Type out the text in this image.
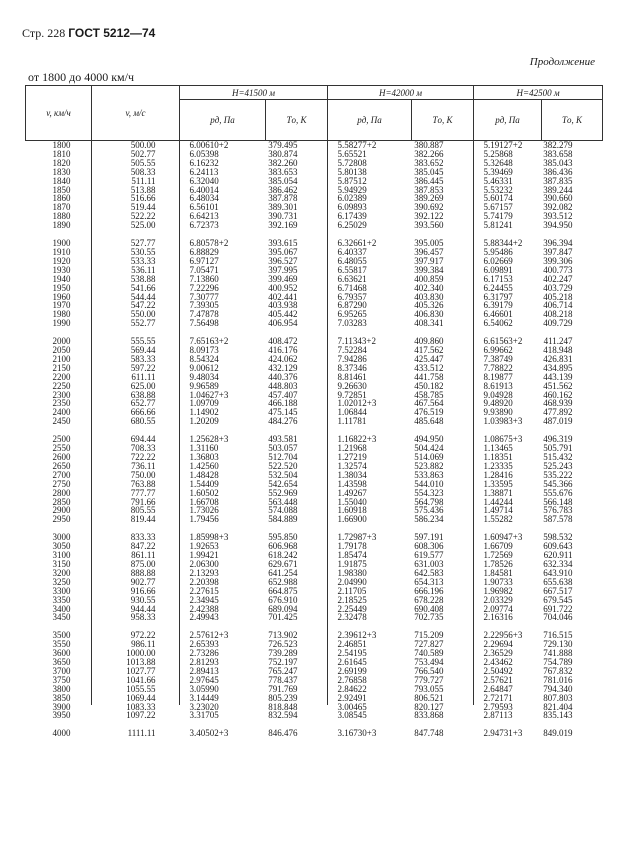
Стр. 228 ГОСТ 5212—74
Продолжение
от 1800 до 4000 км/ч
v, км/ч	v, м/с	H=41500 м		H=42000 м		H=42500 м	
		pд, Па	Tо, К	pд, Па	Tо, К	pд, Па	Tо, К
1800	500.00	6.00610+2	379.495	5.58277+2	380.887	5.19127+2	382.279
1810	502.77	6.05398	380.874	5.65521	382.266	5.25868	383.658
1820	505.55	6.16232	382.260	5.72808	383.652	5.32648	385.043
1830	508.33	6.24113	383.653	5.80138	385.045	5.39469	386.436
1840	511.11	6.32040	385.054	5.87512	386.445	5.46331	387.835
1850	513.88	6.40014	386.462	5.94929	387.853	5.53232	389.244
1860	516.66	6.48034	387.878	6.02389	389.269	5.60174	390.660
1870	519.44	6.56101	389.301	6.09893	390.692	5.67157	392.082
1880	522.22	6.64213	390.731	6.17439	392.122	5.74179	393.512
1890	525.00	6.72373	392.169	6.25029	393.560	5.81241	394.950

1900	527.77	6.80578+2	393.615	6.32661+2	395.005	5.88344+2	396.394
1910	530.55	6.88829	395.067	6.40337	396.457	5.95486	397.847
1920	533.33	6.97127	396.527	6.48055	397.917	6.02669	399.306
1930	536.11	7.05471	397.995	6.55817	399.384	6.09891	400.773
1940	538.88	7.13860	399.469	6.63621	400.859	6.17153	402.247
1950	541.66	7.22296	400.952	6.71468	402.340	6.24455	403.729
1960	544.44	7.30777	402.441	6.79357	403.830	6.31797	405.218
1970	547.22	7.39305	403.938	6.87290	405.326	6.39179	406.714
1980	550.00	7.47878	405.442	6.95265	406.830	6.46601	408.218
1990	552.77	7.56498	406.954	7.03283	408.341	6.54062	409.729

2000	555.55	7.65163+2	408.472	7.11343+2	409.860	6.61563+2	411.247
2050	569.44	8.09173	416.176	7.52284	417.562	6.99662	418.948
2100	583.33	8.54324	424.062	7.94286	425.447	7.38749	426.831
2150	597.22	9.00612	432.129	8.37346	433.512	7.78822	434.895
2200	611.11	9.48034	440.376	8.81461	441.758	8.19877	443.139
2250	625.00	9.96589	448.803	9.26630	450.182	8.61913	451.562
2300	638.88	1.04627+3	457.407	9.72851	458.785	9.04928	460.162
2350	652.77	1.09709	466.188	1.02012+3	467.564	9.48920	468.939
2400	666.66	1.14902	475.145	1.06844	476.519	9.93890	477.892
2450	680.55	1.20209	484.276	1.11781	485.648	1.03983+3	487.019

2500	694.44	1.25628+3	493.581	1.16822+3	494.950	1.08675+3	496.319
2550	708.33	1.31160	503.057	1.21968	504.424	1.13465	505.791
2600	722.22	1.36803	512.704	1.27219	514.069	1.18351	515.432
2650	736.11	1.42560	522.520	1.32574	523.882	1.23335	525.243
2700	750.00	1.48428	532.504	1.38034	533.863	1.28416	535.222
2750	763.88	1.54409	542.654	1.43598	544.010	1.33595	545.366
2800	777.77	1.60502	552.969	1.49267	554.323	1.38871	555.676
2850	791.66	1.66708	563.448	1.55040	564.798	1.44244	566.148
2900	805.55	1.73026	574.088	1.60918	575.436	1.49714	576.783
2950	819.44	1.79456	584.889	1.66900	586.234	1.55282	587.578

3000	833.33	1.85998+3	595.850	1.72987+3	597.191	1.60947+3	598.532
3050	847.22	1.92653	606.968	1.79178	608.306	1.66709	609.643
3100	861.11	1.99421	618.242	1.85474	619.577	1.72569	620.911
3150	875.00	2.06300	629.671	1.91875	631.003	1.78526	632.334
3200	888.88	2.13293	641.254	1.98380	642.583	1.84581	643.910
3250	902.77	2.20398	652.988	2.04990	654.313	1.90733	655.638
3300	916.66	2.27615	664.875	2.11705	666.196	1.96982	667.517
3350	930.55	2.34945	676.910	2.18525	678.228	2.03329	679.545
3400	944.44	2.42388	689.094	2.25449	690.408	2.09774	691.722
3450	958.33	2.49943	701.425	2.32478	702.735	2.16316	704.046

3500	972.22	2.57612+3	713.902	2.39612+3	715.209	2.22956+3	716.515
3550	986.11	2.65393	726.523	2.46851	727.827	2.29694	729.130
3600	1000.00	2.73286	739.289	2.54195	740.589	2.36529	741.888
3650	1013.88	2.81293	752.197	2.61645	753.494	2.43462	754.789
3700	1027.77	2.89413	765.247	2.69199	766.540	2.50492	767.832
3750	1041.66	2.97645	778.437	2.76858	779.727	2.57621	781.016
3800	1055.55	3.05990	791.769	2.84622	793.055	2.64847	794.340
3850	1069.44	3.14449	805.239	2.92491	806.521	2.72171	807.803
3900	1083.33	3.23020	818.848	3.00465	820.127	2.79593	821.404
3950	1097.22	3.31705	832.594	3.08545	833.868	2.87113	835.143

4000	1111.11	3.40502+3	846.476	3.16730+3	847.748	2.94731+3	849.019
